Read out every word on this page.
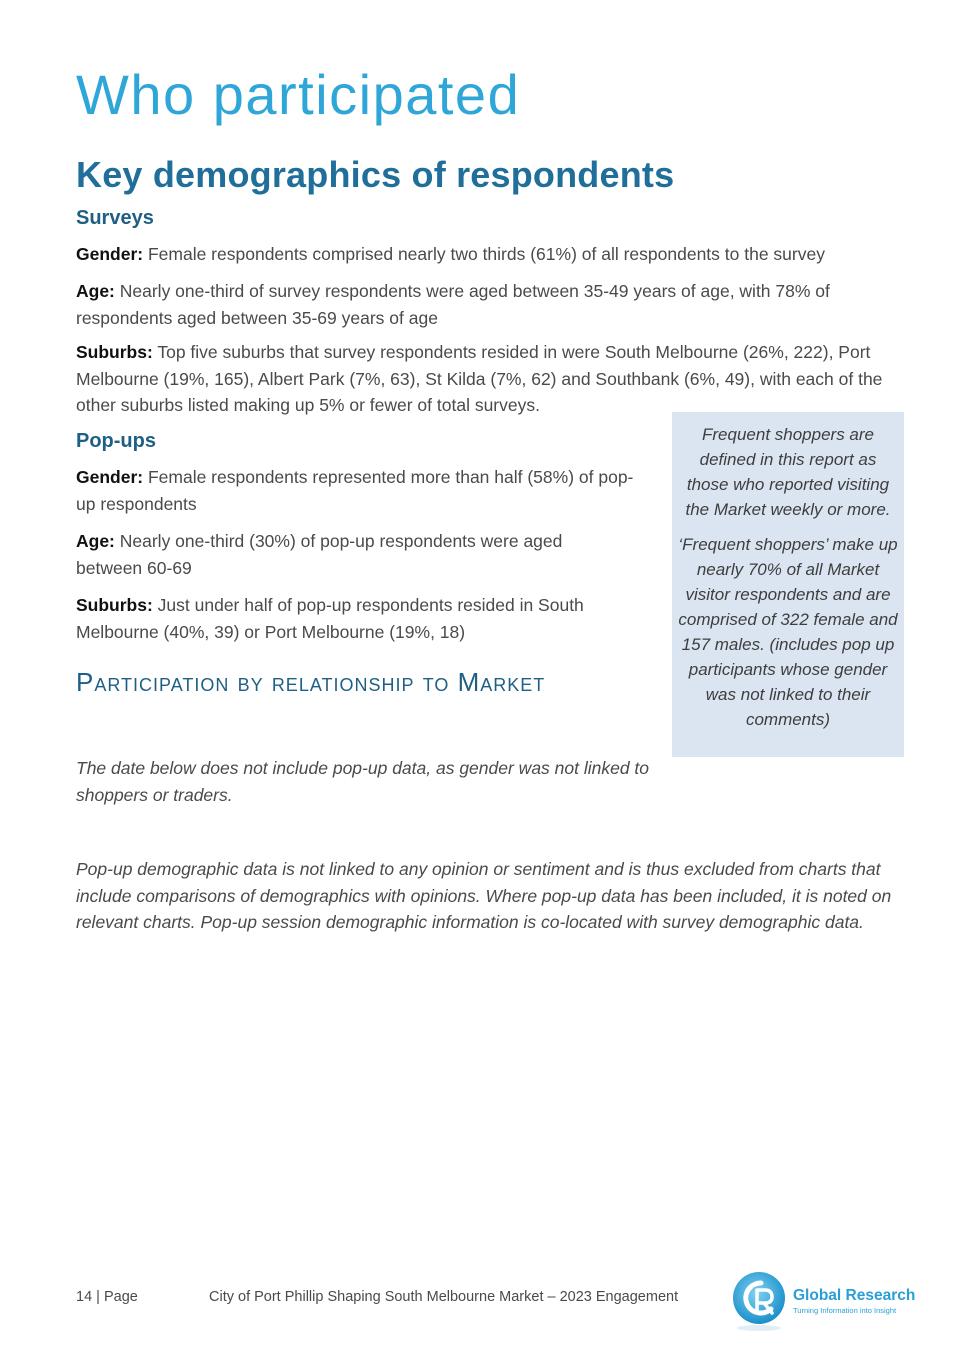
Who participated
Key demographics of respondents
Surveys
Gender: Female respondents comprised nearly two thirds (61%) of all respondents to the survey
Age: Nearly one-third of survey respondents were aged between 35-49 years of age, with 78% of respondents aged between 35-69 years of age
Suburbs: Top five suburbs that survey respondents resided in were South Melbourne (26%, 222), Port Melbourne (19%, 165), Albert Park (7%, 63), St Kilda (7%, 62) and Southbank (6%, 49), with each of the other suburbs listed making up 5% or fewer of total surveys.
Pop-ups
Gender: Female respondents represented more than half (58%) of pop-up respondents
Age: Nearly one-third (30%) of pop-up respondents were aged between 60-69
Suburbs: Just under half of pop-up respondents resided in South Melbourne (40%, 39) or Port Melbourne (19%, 18)
Participation by relationship to Market
The date below does not include pop-up data, as gender was not linked to shoppers or traders.
Pop-up demographic data is not linked to any opinion or sentiment and is thus excluded from charts that include comparisons of demographics with opinions. Where pop-up data has been included, it is noted on relevant charts. Pop-up session demographic information is co-located with survey demographic data.

Frequent shoppers are defined in this report as those who reported visiting the Market weekly or more.

‘Frequent shoppers’ make up nearly 70% of all Market visitor respondents and are comprised of 322 female and 157 males. (includes pop up participants whose gender was not linked to their comments)

14 | Page	City of Port Phillip Shaping South Melbourne Market – 2023 Engagement	Global Research
Turning Information into Insight
